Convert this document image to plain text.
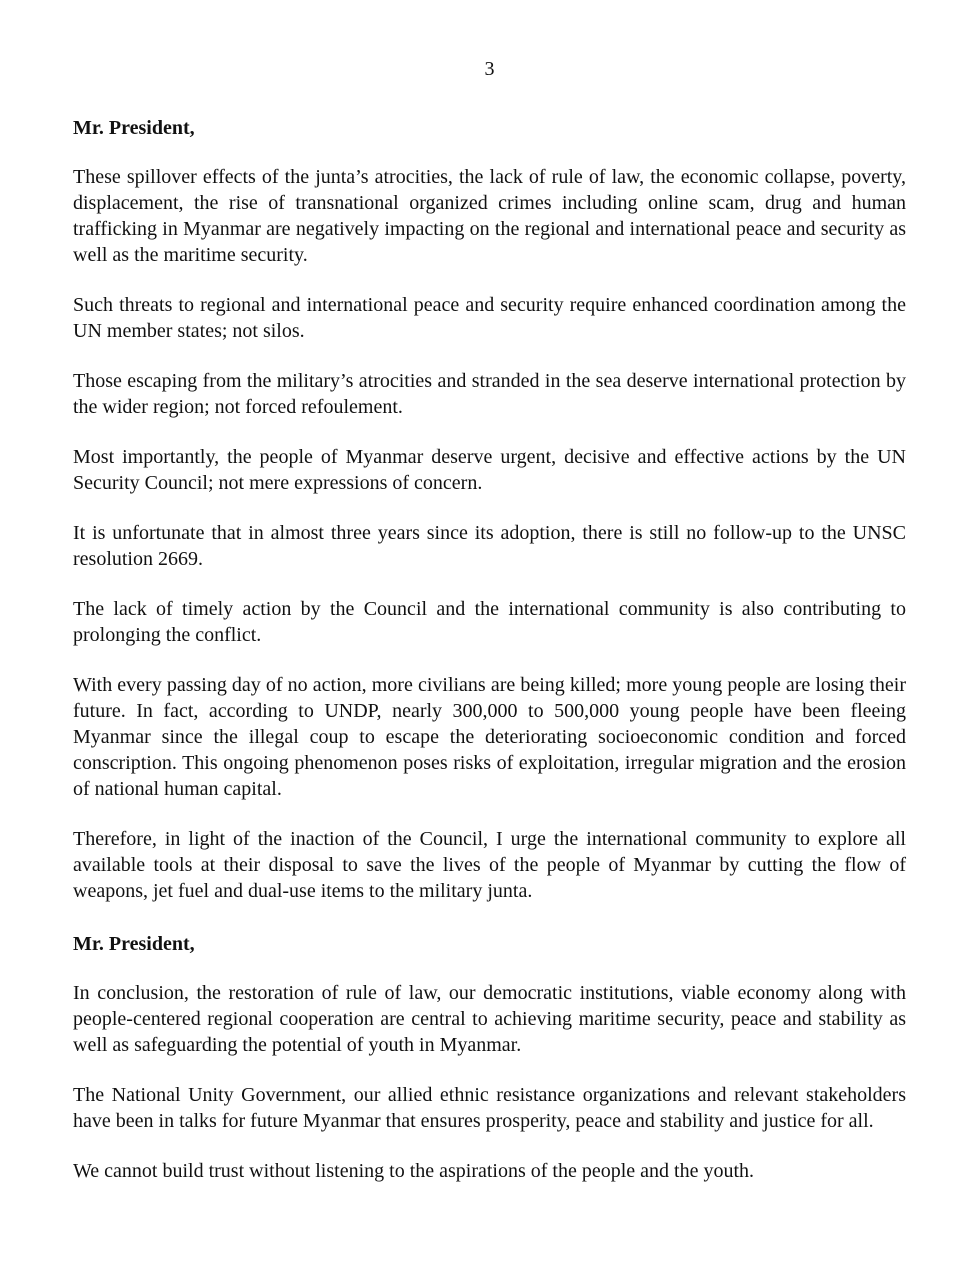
3
Mr. President,

These spillover effects of the junta’s atrocities, the lack of rule of law, the economic collapse, poverty, displacement, the rise of transnational organized crimes including online scam, drug and human trafficking in Myanmar are negatively impacting on the regional and international peace and security as well as the maritime security.

Such threats to regional and international peace and security require enhanced coordination among the UN member states; not silos.

Those escaping from the military’s atrocities and stranded in the sea deserve international protection by the wider region; not forced refoulement.

Most importantly, the people of Myanmar deserve urgent, decisive and effective actions by the UN Security Council; not mere expressions of concern.

It is unfortunate that in almost three years since its adoption, there is still no follow-up to the UNSC resolution 2669.

The lack of timely action by the Council and the international community is also contributing to prolonging the conflict.

With every passing day of no action, more civilians are being killed; more young people are losing their future. In fact, according to UNDP, nearly 300,000 to 500,000 young people have been fleeing Myanmar since the illegal coup to escape the deteriorating socioeconomic condition and forced conscription. This ongoing phenomenon poses risks of exploitation, irregular migration and the erosion of national human capital.

Therefore, in light of the inaction of the Council, I urge the international community to explore all available tools at their disposal to save the lives of the people of Myanmar by cutting the flow of weapons, jet fuel and dual-use items to the military junta.

Mr. President,

In conclusion, the restoration of rule of law, our democratic institutions, viable economy along with people-centered regional cooperation are central to achieving maritime security, peace and stability as well as safeguarding the potential of youth in Myanmar.

The National Unity Government, our allied ethnic resistance organizations and relevant stakeholders have been in talks for future Myanmar that ensures prosperity, peace and stability and justice for all.

We cannot build trust without listening to the aspirations of the people and the youth.
